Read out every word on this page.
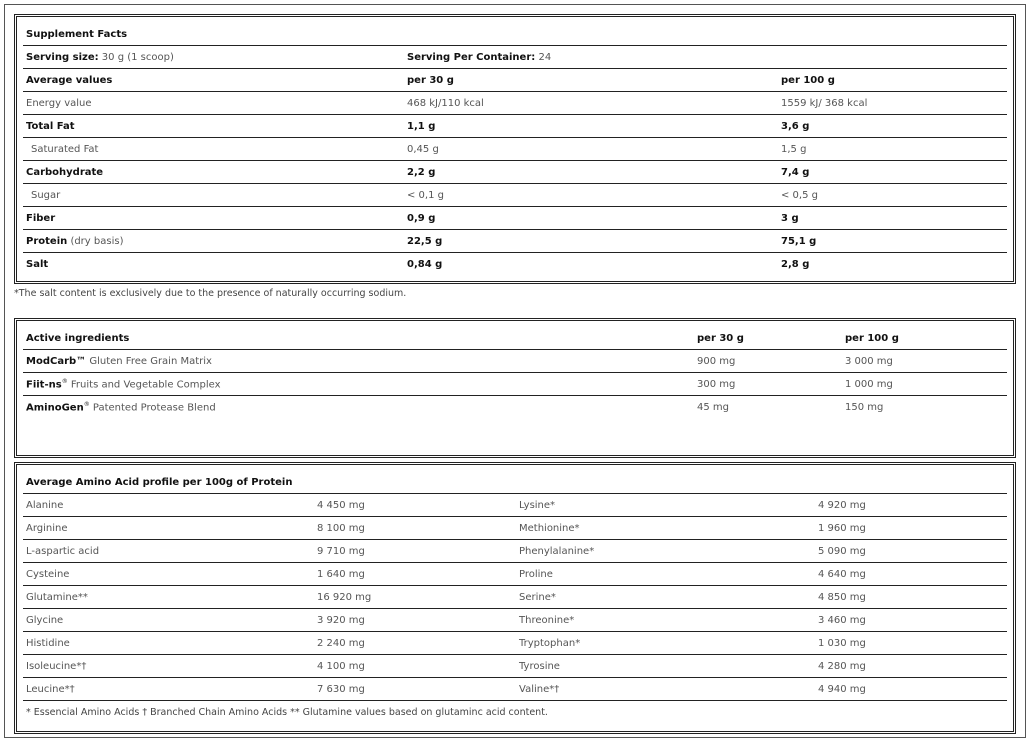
Supplement Facts		
Serving size: 30 g (1 scoop)	Serving Per Container: 24	
Average values	per 30 g	per 100 g
Energy value	468 kJ/110 kcal	1559 kJ/ 368 kcal
Total Fat	1,1 g	3,6 g
Saturated Fat	0,45 g	1,5 g
Carbohydrate	2,2 g	7,4 g
Sugar	< 0,1 g	< 0,5 g
Fiber	0,9 g	3 g
Protein (dry basis)	22,5 g	75,1 g
Salt	0,84 g	2,8 g
*The salt content is exclusively due to the presence of naturally occurring sodium.
Active ingredients	per 30 g	per 100 g
ModCarb™ Gluten Free Grain Matrix	900 mg	3 000 mg
Fiit-ns® Fruits and Vegetable Complex	300 mg	1 000 mg
AminoGen® Patented Protease Blend	45 mg	150 mg
Average Amino Acid profile per 100g of Protein			
Alanine	4 450 mg	Lysine*	4 920 mg
Arginine	8 100 mg	Methionine*	1 960 mg
L-aspartic acid	9 710 mg	Phenylalanine*	5 090 mg
Cysteine	1 640 mg	Proline	4 640 mg
Glutamine**	16 920 mg	Serine*	4 850 mg
Glycine	3 920 mg	Threonine*	3 460 mg
Histidine	2 240 mg	Tryptophan*	1 030 mg
Isoleucine*†	4 100 mg	Tyrosine	4 280 mg
Leucine*†	7 630 mg	Valine*†	4 940 mg
* Essencial Amino Acids † Branched Chain Amino Acids ** Glutamine values based on glutaminc acid content.			
